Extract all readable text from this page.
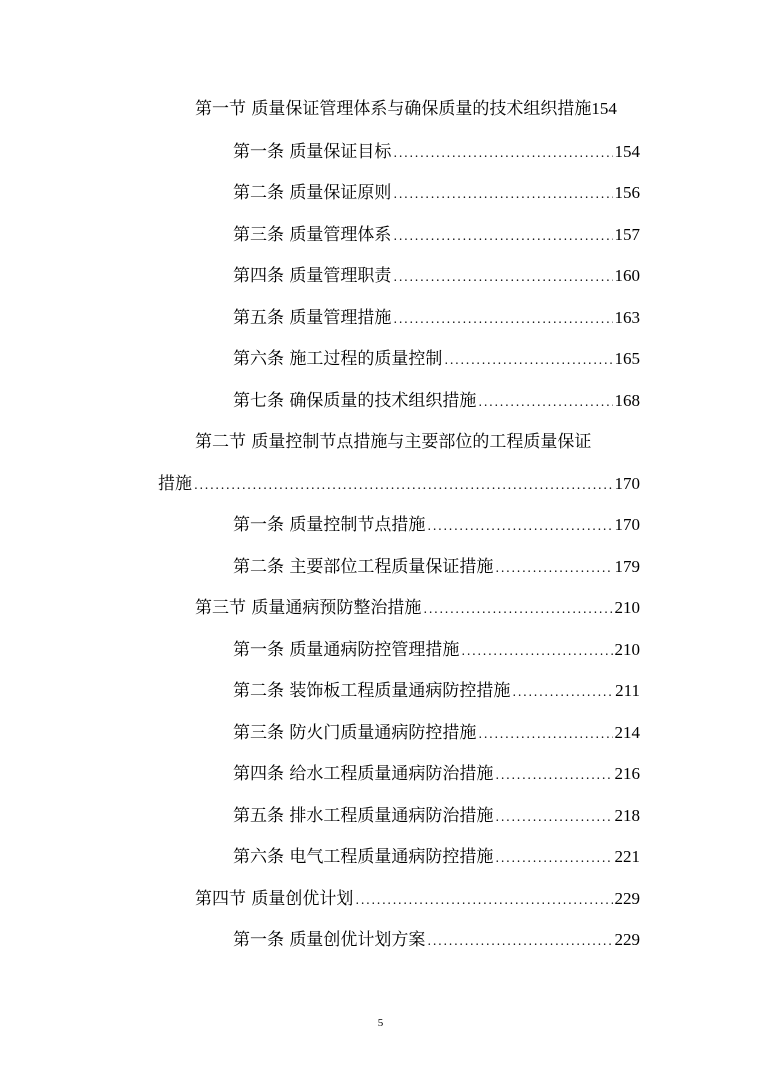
第一节 质量保证管理体系与确保质量的技术组织措施 154
第一条 质量保证目标 .....	154
第二条 质量保证原则 .....	156
第三条 质量管理体系 .....	157
第四条 质量管理职责 .....	160
第五条 质量管理措施 .....	163
第六条 施工过程的质量控制 .....	165
第七条 确保质量的技术组织措施 .....	168
第二节 质量控制节点措施与主要部位的工程质量保证
措施 .....	170
第一条 质量控制节点措施 .....	170
第二条 主要部位工程质量保证措施 .....	179
第三节 质量通病预防整治措施 .....	210
第一条 质量通病防控管理措施 .....	210
第二条 装饰板工程质量通病防控措施 .....	211
第三条 防火门质量通病防控措施 .....	214
第四条 给水工程质量通病防治措施 .....	216
第五条 排水工程质量通病防治措施 .....	218
第六条 电气工程质量通病防控措施 .....	221
第四节 质量创优计划 .....	229
第一条 质量创优计划方案 .....	229
5
